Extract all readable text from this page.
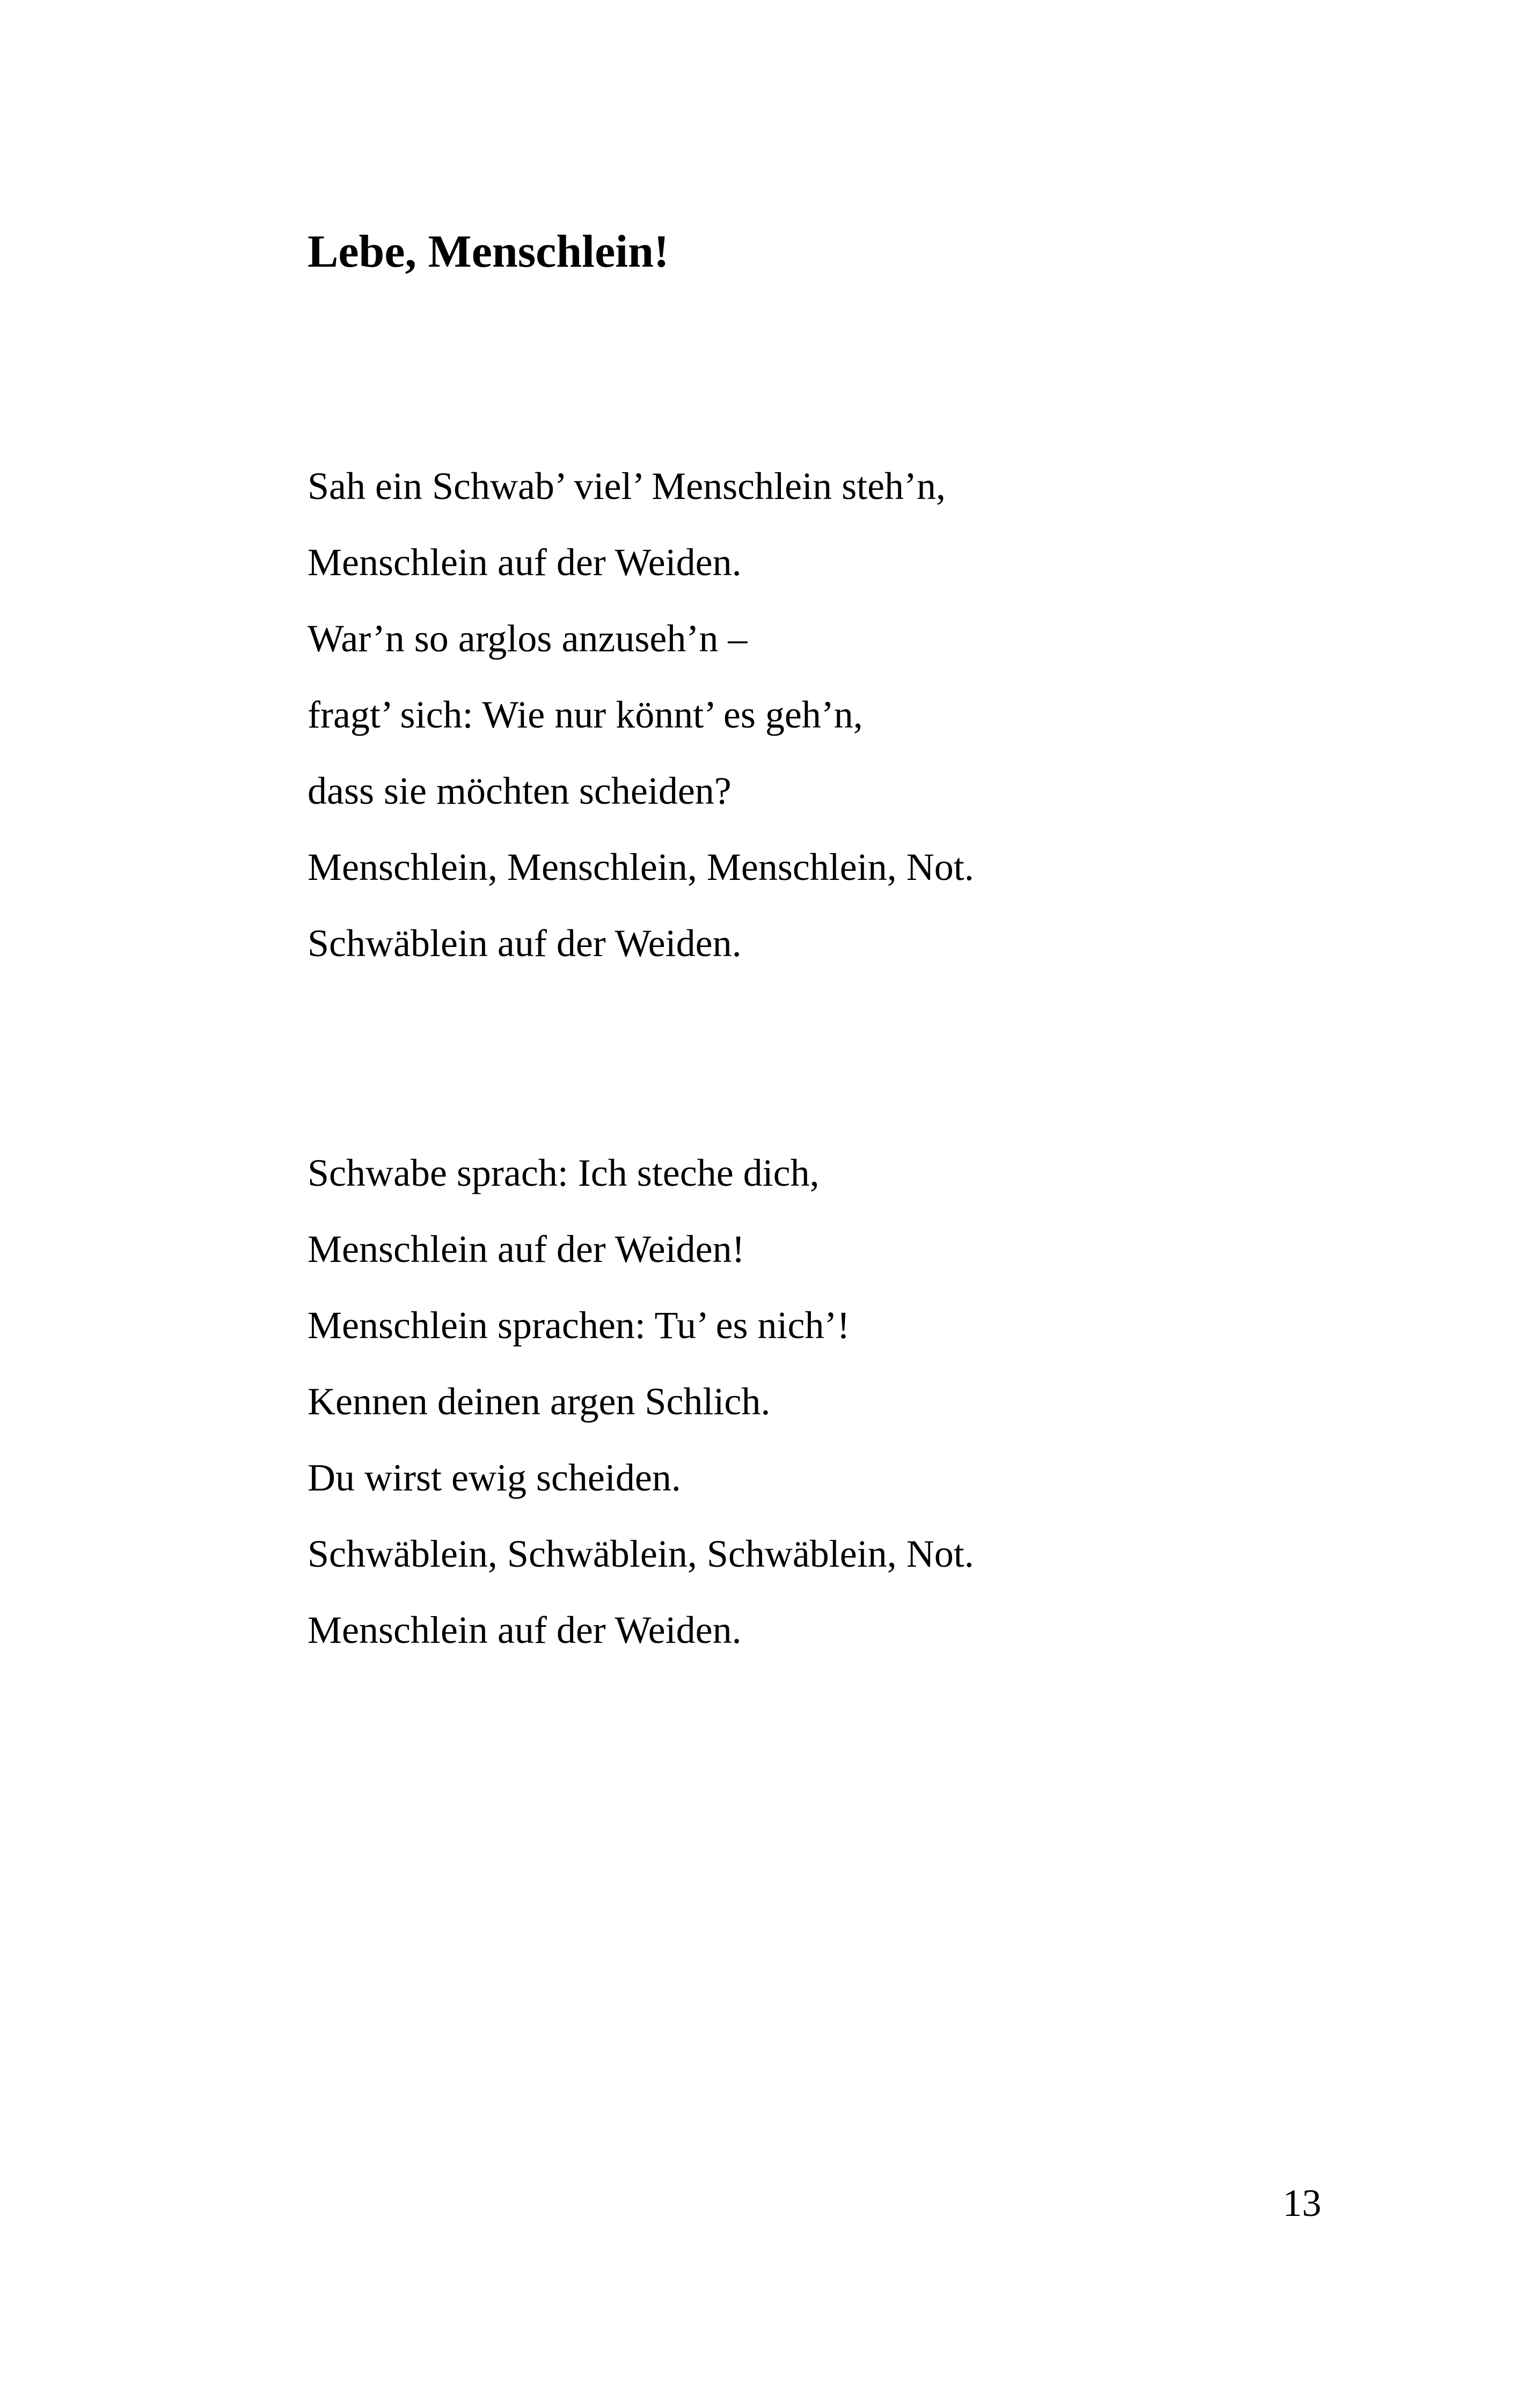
Lebe, Menschlein!
Sah ein Schwab’ viel’ Menschlein steh’n,
Menschlein auf der Weiden.
War’n so arglos anzuseh’n –
fragt’ sich: Wie nur könnt’ es geh’n,
dass sie möchten scheiden?
Menschlein, Menschlein, Menschlein, Not.
Schwäblein auf der Weiden.
Schwabe sprach: Ich steche dich,
Menschlein auf der Weiden!
Menschlein sprachen: Tu’ es nich’!
Kennen deinen argen Schlich.
Du wirst ewig scheiden.
Schwäblein, Schwäblein, Schwäblein, Not.
Menschlein auf der Weiden.
13
